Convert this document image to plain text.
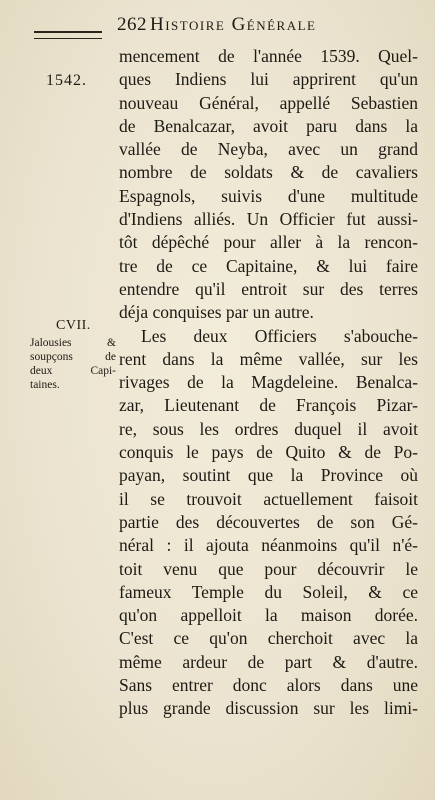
262 Histoire Générale
1542.
CVII.
Jalousies &
soupçons de
deux Capi-
taines.
mencement de l'année 1539. Quel-
ques Indiens lui apprirent qu'un
nouveau Général, appellé Sebastien
de Benalcazar, avoit paru dans la
vallée de Neyba, avec un grand
nombre de soldats & de cavaliers
Espagnols, suivis d'une multitude
d'Indiens alliés. Un Officier fut aussi-
tôt dépêché pour aller à la rencon-
tre de ce Capitaine, & lui faire
entendre qu'il entroit sur des terres
déja conquises par un autre.
Les deux Officiers s'abouche-
rent dans la même vallée, sur les
rivages de la Magdeleine. Benalca-
zar, Lieutenant de François Pizar-
re, sous les ordres duquel il avoit
conquis le pays de Quito & de Po-
payan, soutint que la Province où
il se trouvoit actuellement faisoit
partie des découvertes de son Gé-
néral : il ajouta néanmoins qu'il n'é-
toit venu que pour découvrir le
fameux Temple du Soleil, & ce
qu'on appelloit la maison dorée.
C'est ce qu'on cherchoit avec la
même ardeur de part & d'autre.
Sans entrer donc alors dans une
plus grande discussion sur les limi-
